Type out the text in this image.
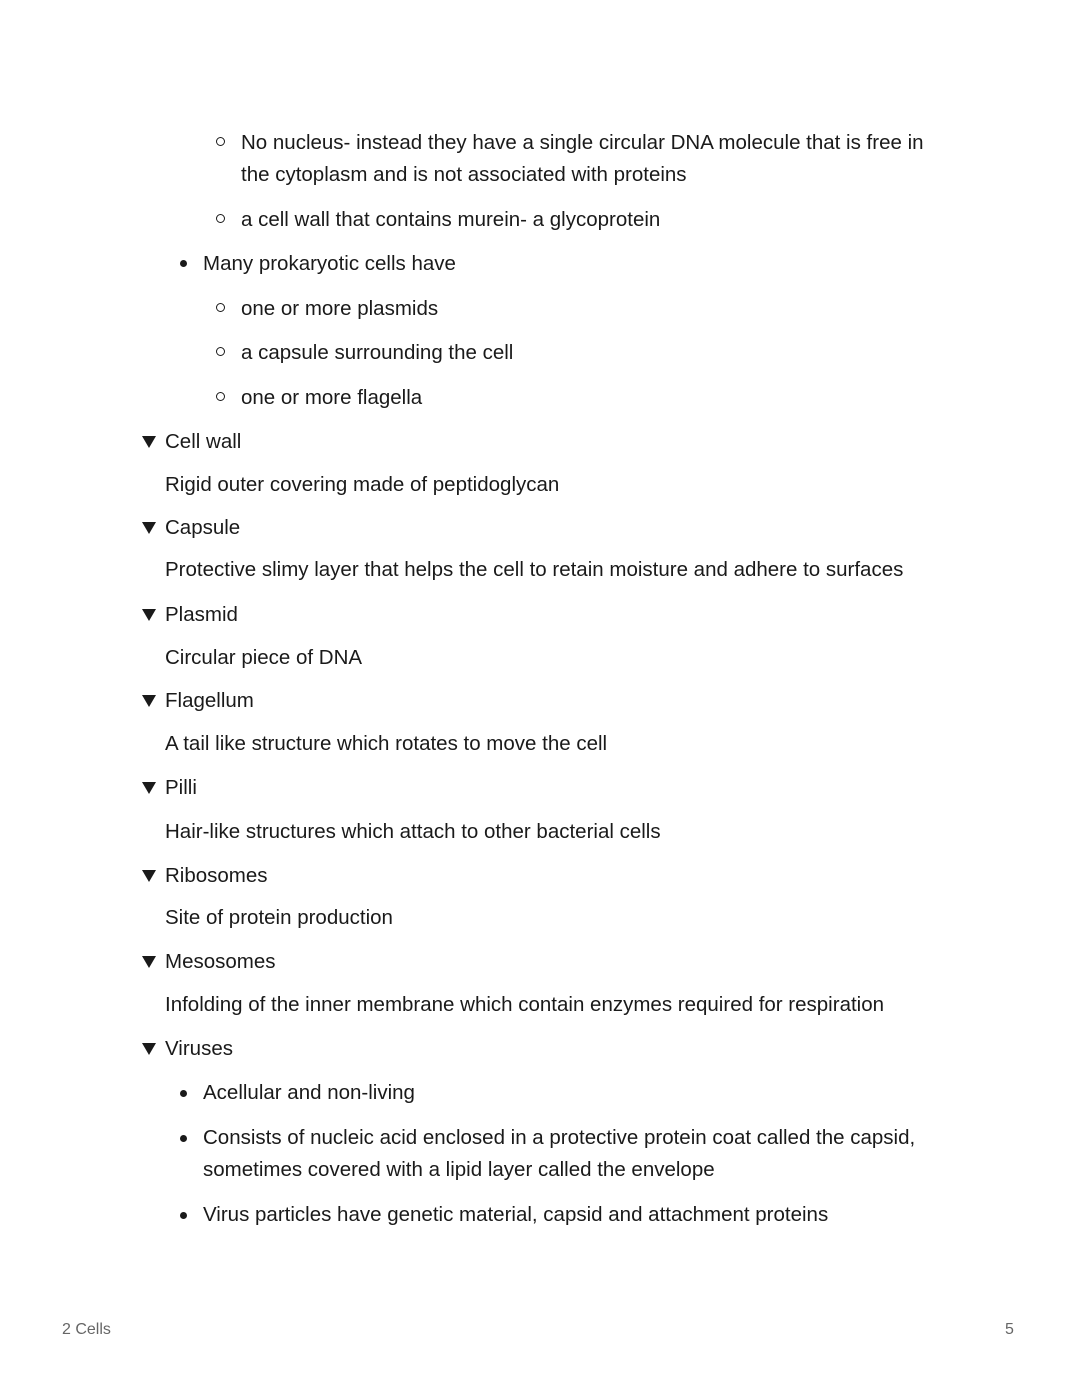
No nucleus- instead they have a single circular DNA molecule that is free in
the cytoplasm and is not associated with proteins
a cell wall that contains murein- a glycoprotein
Many prokaryotic cells have
one or more plasmids
a capsule surrounding the cell
one or more flagella
Cell wall
Rigid outer covering made of peptidoglycan
Capsule
Protective slimy layer that helps the cell to retain moisture and adhere to surfaces
Plasmid
Circular piece of DNA
Flagellum
A tail like structure which rotates to move the cell
Pilli
Hair-like structures which attach to other bacterial cells
Ribosomes
Site of protein production
Mesosomes
Infolding of the inner membrane which contain enzymes required for respiration
Viruses
Acellular and non-living
Consists of nucleic acid enclosed in a protective protein coat called the capsid,
sometimes covered with a lipid layer called the envelope
Virus particles have genetic material, capsid and attachment proteins
2 Cells	5
